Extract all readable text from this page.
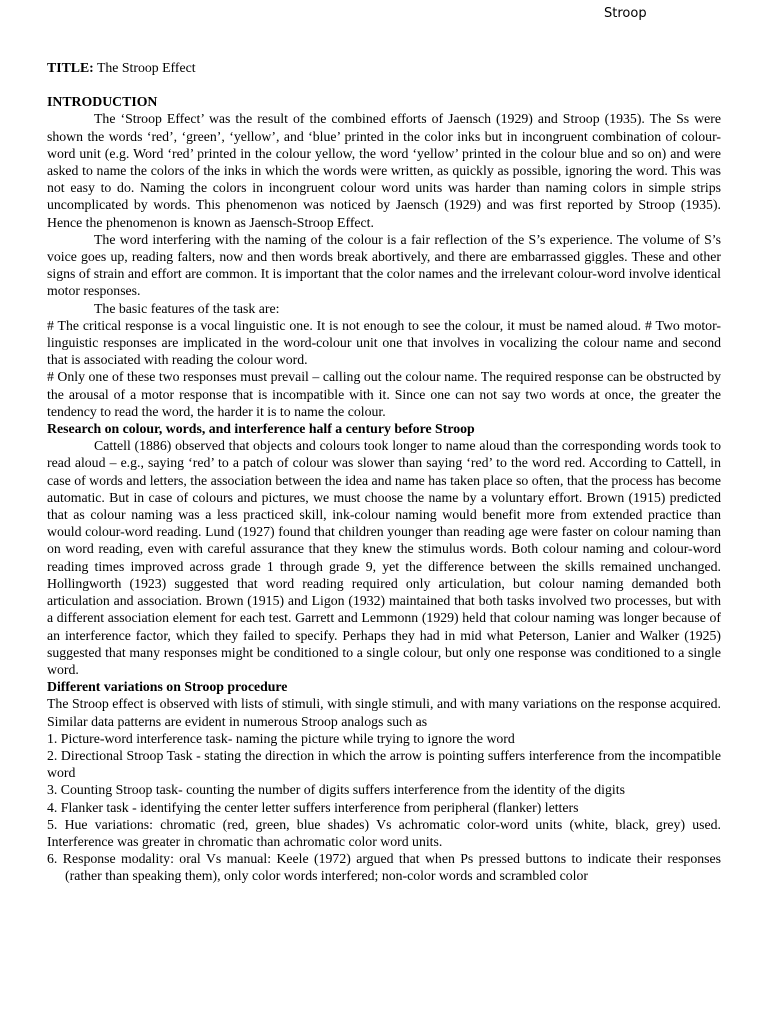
Stroop

TITLE: The Stroop Effect

INTRODUCTION

The ‘Stroop Effect’ was the result of the combined efforts of Jaensch (1929) and Stroop (1935). The Ss were shown the words ‘red’, ‘green’, ‘yellow’, and ‘blue’ printed in the color inks but in incongruent combination of colour-word unit (e.g. Word ‘red’ printed in the colour yellow, the word ‘yellow’ printed in the colour blue and so on) and were asked to name the colors of the inks in which the words were written, as quickly as possible, ignoring the word. This was not easy to do. Naming the colors in incongruent colour word units was harder than naming colors in simple strips uncomplicated by words. This phenomenon was noticed by Jaensch (1929) and was first reported by Stroop (1935). Hence the phenomenon is known as Jaensch-Stroop Effect.

The word interfering with the naming of the colour is a fair reflection of the S’s experience. The volume of S’s voice goes up, reading falters, now and then words break abortively, and there are embarrassed giggles. These and other signs of strain and effort are common. It is important that the color names and the irrelevant colour-word involve identical motor responses.

The basic features of the task are:

# The critical response is a vocal linguistic one. It is not enough to see the colour, it must be named aloud. # Two motor-linguistic responses are implicated in the word-colour unit one that involves in vocalizing the colour name and second that is associated with reading the colour word.

# Only one of these two responses must prevail – calling out the colour name. The required response can be obstructed by the arousal of a motor response that is incompatible with it. Since one can not say two words at once, the greater the tendency to read the word, the harder it is to name the colour.

Research on colour, words, and interference half a century before Stroop

Cattell (1886) observed that objects and colours took longer to name aloud than the corresponding words took to read aloud – e.g., saying ‘red’ to a patch of colour was slower than saying ‘red’ to the word red. According to Cattell, in case of words and letters, the association between the idea and name has taken place so often, that the process has become automatic. But in case of colours and pictures, we must choose the name by a voluntary effort. Brown (1915) predicted that as colour naming was a less practiced skill, ink-colour naming would benefit more from extended practice than would colour-word reading. Lund (1927) found that children younger than reading age were faster on colour naming than on word reading, even with careful assurance that they knew the stimulus words. Both colour naming and colour-word reading times improved across grade 1 through grade 9, yet the difference between the skills remained unchanged. Hollingworth (1923) suggested that word reading required only articulation, but colour naming demanded both articulation and association. Brown (1915) and Ligon (1932) maintained that both tasks involved two processes, but with a different association element for each test. Garrett and Lemmonn (1929) held that colour naming was longer because of an interference factor, which they failed to specify. Perhaps they had in mid what Peterson, Lanier and Walker (1925) suggested that many responses might be conditioned to a single colour, but only one response was conditioned to a single word.

Different variations on Stroop procedure

The Stroop effect is observed with lists of stimuli, with single stimuli, and with many variations on the response acquired. Similar data patterns are evident in numerous Stroop analogs such as

1. Picture-word interference task- naming the picture while trying to ignore the word

2. Directional Stroop Task - stating the direction in which the arrow is pointing suffers interference from the incompatible word

3. Counting Stroop task- counting the number of digits suffers interference from the identity of the digits

4. Flanker task - identifying the center letter suffers interference from peripheral (flanker) letters

5. Hue variations: chromatic (red, green, blue shades) Vs achromatic color-word units (white, black, grey) used. Interference was greater in chromatic than achromatic color word units.

6. Response modality: oral Vs manual: Keele (1972) argued that when Ps pressed buttons to indicate their responses (rather than speaking them), only color words interfered; non-color words and scrambled color
